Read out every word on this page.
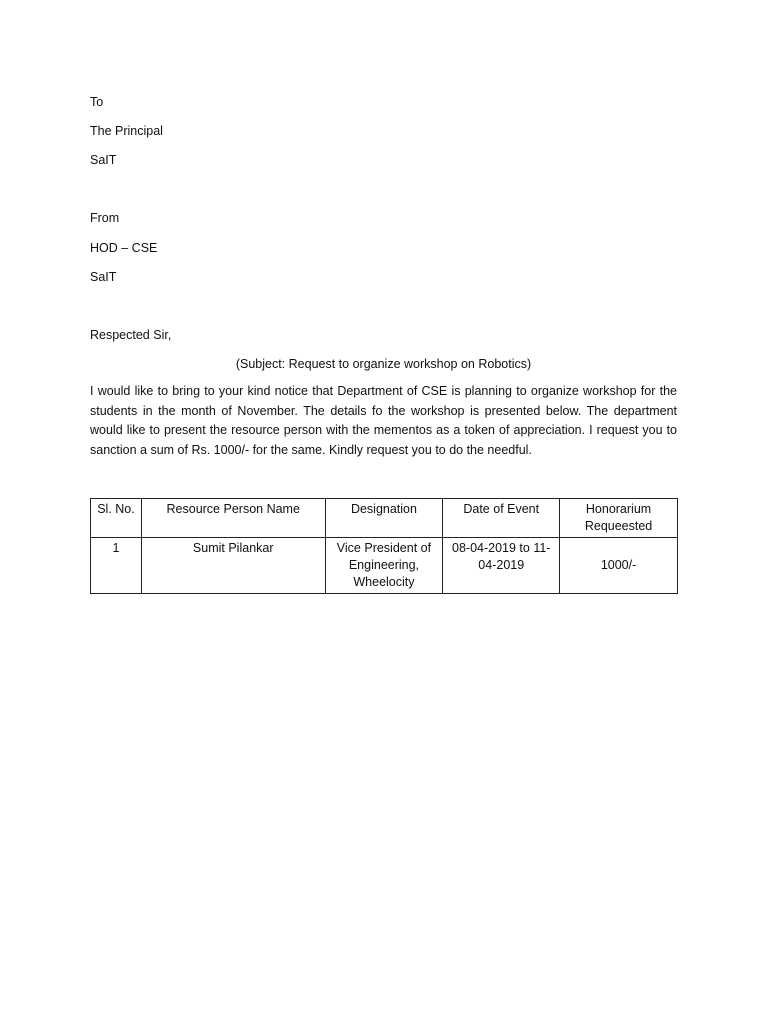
To
The Principal
SaIT
From
HOD – CSE
SaIT
Respected Sir,
(Subject: Request to organize workshop on Robotics)
I would like to bring to your kind notice that Department of CSE is planning to organize workshop for the students in the month of November. The details fo the workshop is presented below. The department would like to present the resource person with the mementos as a token of appreciation. I request you to sanction a sum of Rs. 1000/- for the same. Kindly request you to do the needful.
Sl. No.	Resource Person Name	Designation	Date of Event	Honorarium Requeested
1	Sumit Pilankar	Vice President of Engineering, Wheelocity	08-04-2019 to 11-04-2019	1000/-
